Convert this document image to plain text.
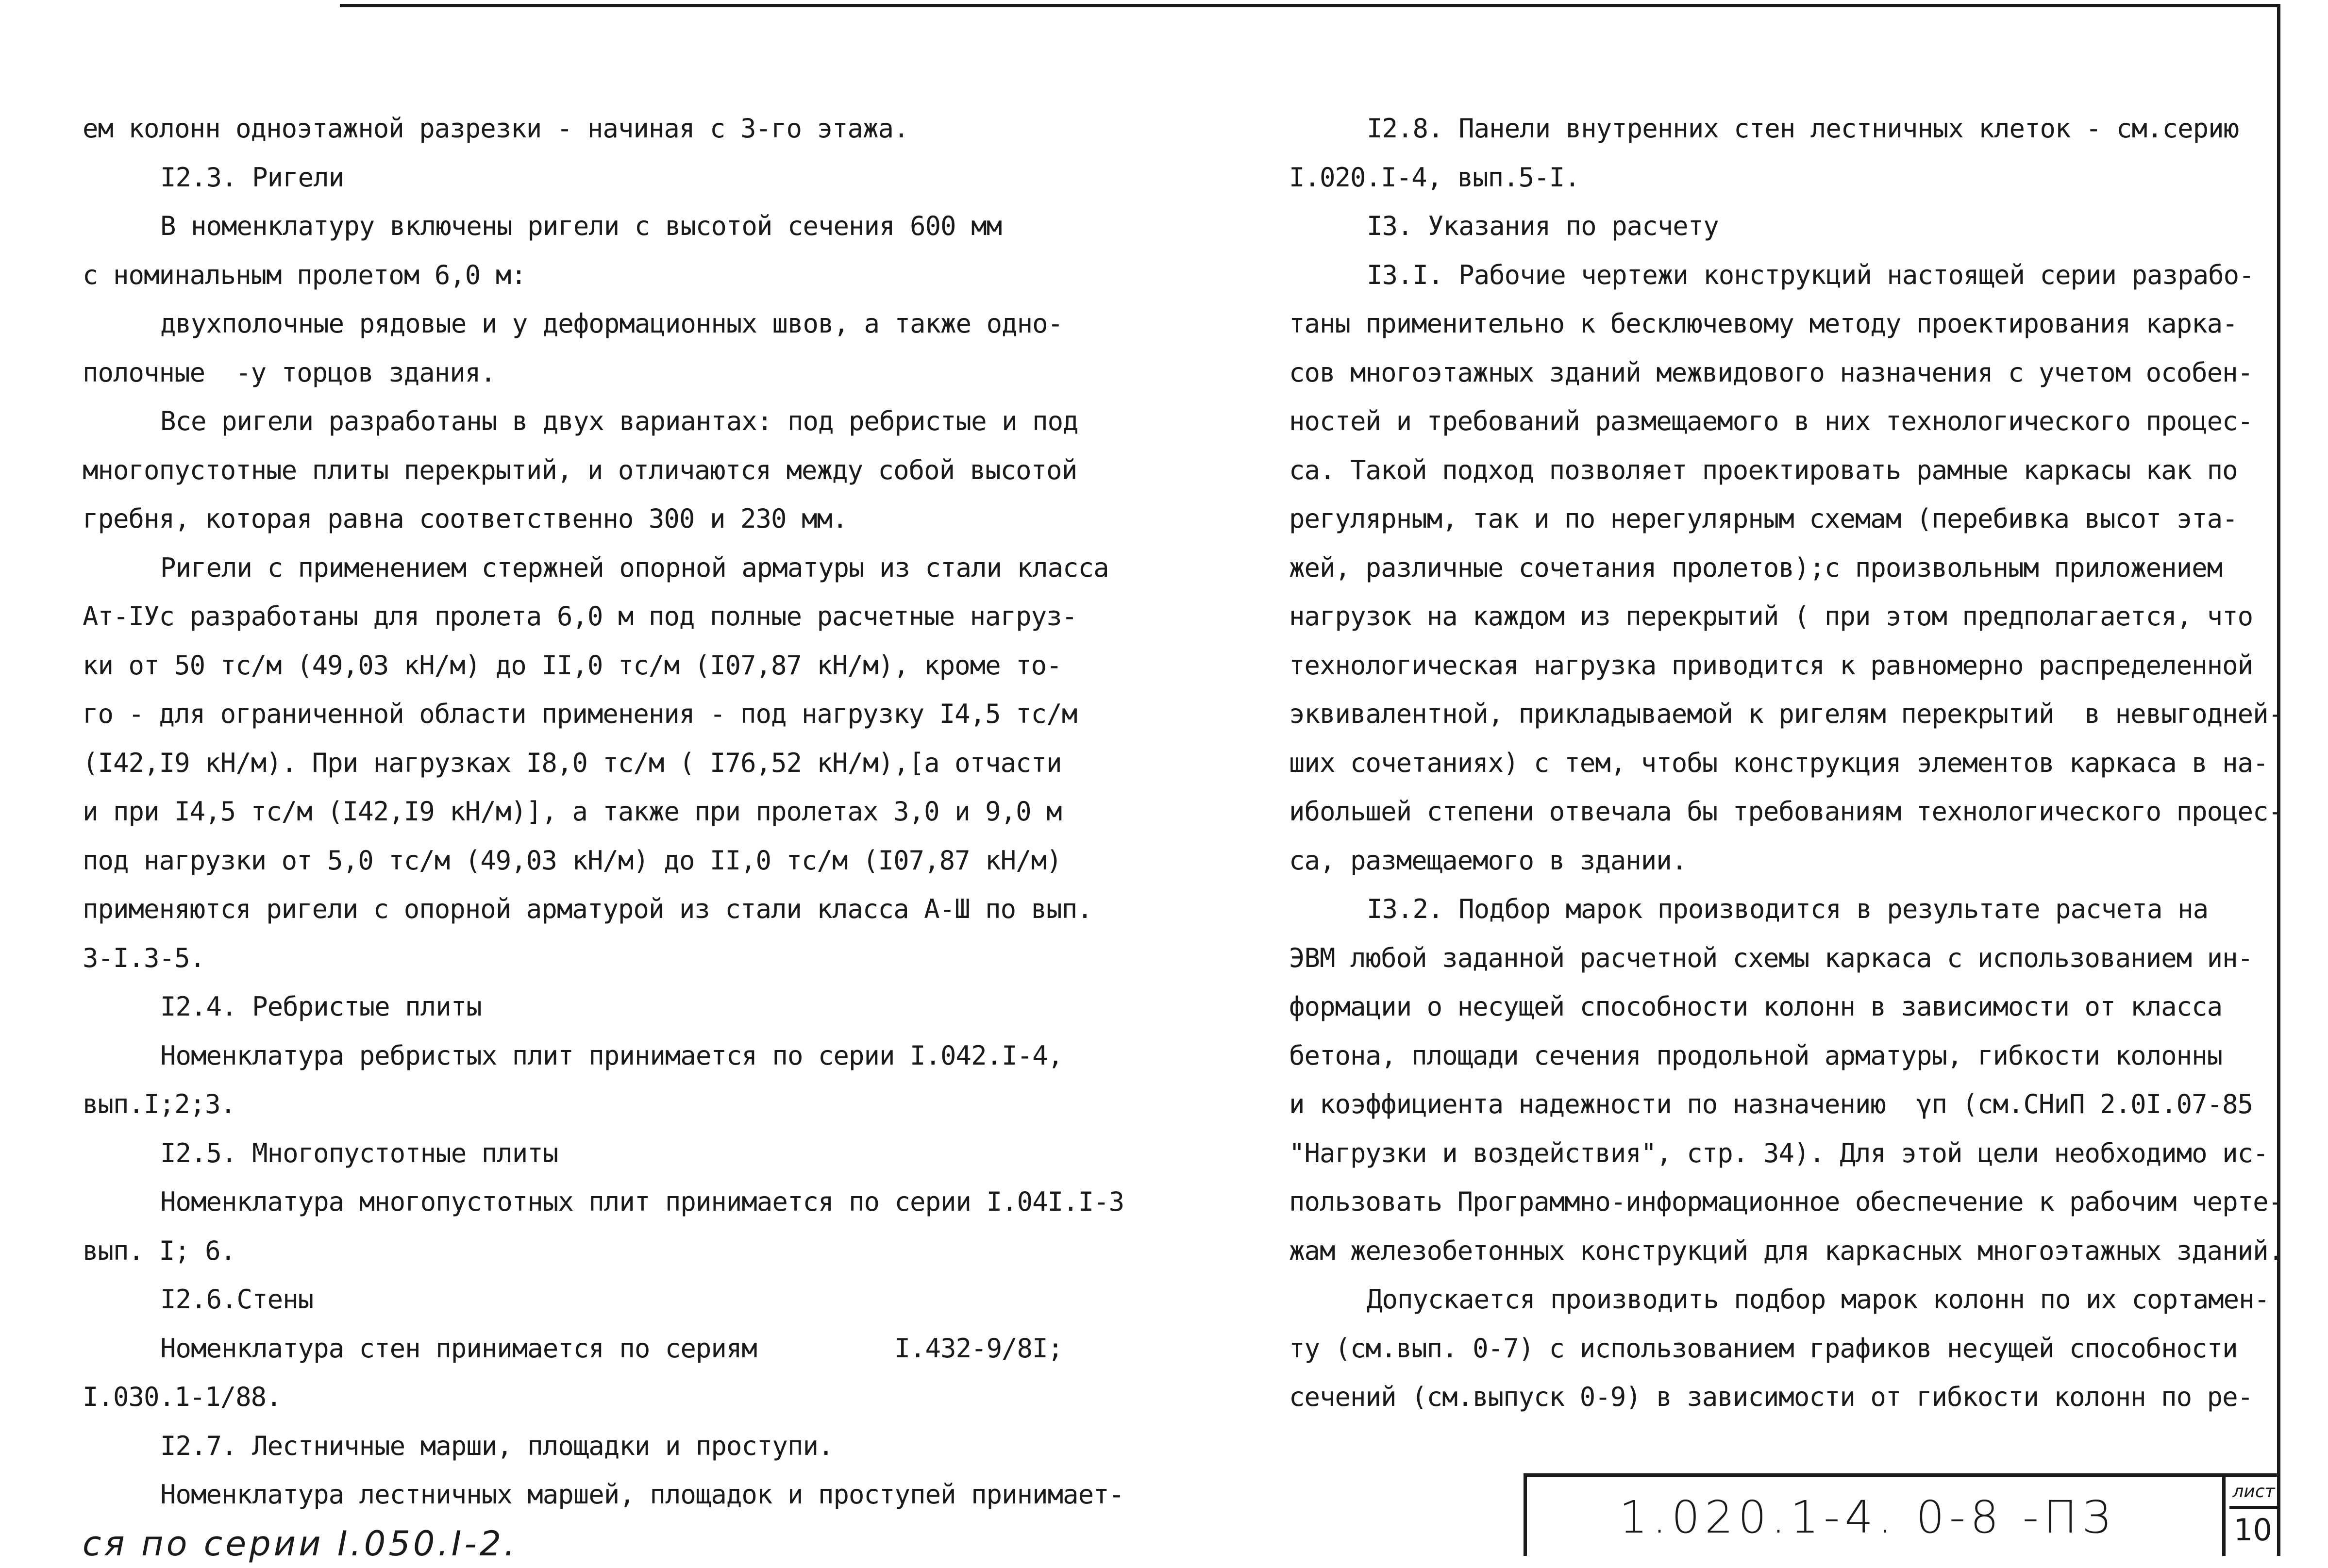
ем колонн одноэтажной разрезки - начиная с 3-го этажа.
I2.3. Ригели
В номенклатуру включены ригели с высотой сечения 600 мм
с номинальным пролетом 6,0 м:
двухполочные рядовые и у деформационных швов, а также одно-
полочные  -у торцов здания.
Все ригели разработаны в двух вариантах: под ребристые и под
многопустотные плиты перекрытий, и отличаются между собой высотой
гребня, которая равна соответственно 300 и 230 мм.
Ригели с применением стержней опорной арматуры из стали класса
Ат-IУс разработаны для пролета 6,0 м под полные расчетные нагруз-
ки от 50 тс/м (49,03 кН/м) до II,0 тс/м (I07,87 кН/м), кроме то-
го - для ограниченной области применения - под нагрузку I4,5 тс/м
(I42,I9 кН/м). При нагрузках I8,0 тс/м ( I76,52 кН/м),[а отчасти
и при I4,5 тс/м (I42,I9 кН/м)], а также при пролетах 3,0 и 9,0 м
под нагрузки от 5,0 тс/м (49,03 кН/м) до II,0 тс/м (I07,87 кН/м)
применяются ригели с опорной арматурой из стали класса А-Ш по вып.
3-I.3-5.
I2.4. Ребристые плиты
Номенклатура ребристых плит принимается по серии I.042.I-4,
вып.I;2;3.
I2.5. Многопустотные плиты
Номенклатура многопустотных плит принимается по серии I.04I.I-3
вып. I; 6.
I2.6.Стены
Номенклатура стен принимается по сериям         I.432-9/8I;
I.030.1-1/88.
I2.7. Лестничные марши, площадки и проступи.
Номенклатура лестничных маршей, площадок и проступей принимает-
ся по серии I.050.I-2.
I2.8. Панели внутренних стен лестничных клеток - см.серию
I.020.I-4, вып.5-I.
I3. Указания по расчету
I3.I. Рабочие чертежи конструкций настоящей серии разрабо-
таны применительно к бесключевому методу проектирования карка-
сов многоэтажных зданий межвидового назначения с учетом особен-
ностей и требований размещаемого в них технологического процес-
са. Такой подход позволяет проектировать рамные каркасы как по
регулярным, так и по нерегулярным схемам (перебивка высот эта-
жей, различные сочетания пролетов);с произвольным приложением
нагрузок на каждом из перекрытий ( при этом предполагается, что
технологическая нагрузка приводится к равномерно распределенной
эквивалентной, прикладываемой к ригелям перекрытий  в невыгодней-
ших сочетаниях) с тем, чтобы конструкция элементов каркаса в на-
ибольшей степени отвечала бы требованиям технологического процес-
са, размещаемого в здании.
I3.2. Подбор марок производится в результате расчета на
ЭВМ любой заданной расчетной схемы каркаса с использованием ин-
формации о несущей способности колонн в зависимости от класса
бетона, площади сечения продольной арматуры, гибкости колонны
и коэффициента надежности по назначению  γп (см.СНиП 2.0I.07-85
"Нагрузки и воздействия", стр. 34). Для этой цели необходимо ис-
пользовать Программно-информационное обеспечение к рабочим черте-
жам железобетонных конструкций для каркасных многоэтажных зданий.
Допускается производить подбор марок колонн по их сортамен-
ту (см.вып. 0-7) с использованием графиков несущей способности
сечений (см.выпуск 0-9) в зависимости от гибкости колонн по ре-
1.020.1-4. 0-8 -ПЗ	лист
10
